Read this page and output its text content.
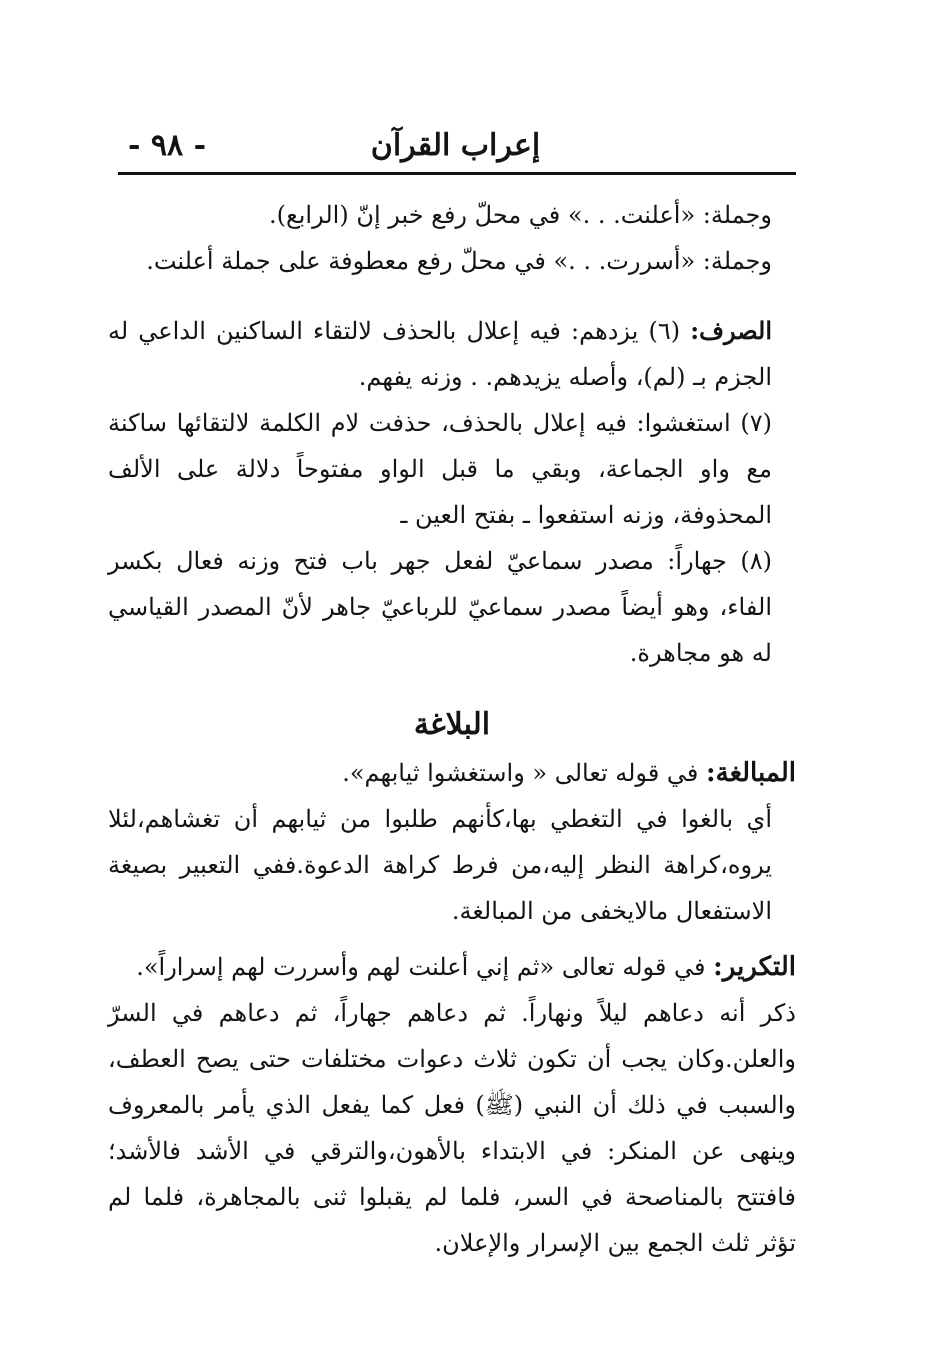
- ٩٨ -	إعراب القرآن

وجملة: «أعلنت. . .» في محلّ رفع خبر إنّ (الرابع).

وجملة: «أسررت. . .» في محلّ رفع معطوفة على جملة أعلنت.

الصرف: (٦) يزدهم: فيه إعلال بالحذف لالتقاء الساكنين الداعي له الجزم بـ (لم)، وأصله يزيدهم. . وزنه يفهم.

(٧) استغشوا: فيه إعلال بالحذف، حذفت لام الكلمة لالتقائها ساكنة مع واو الجماعة، وبقي ما قبل الواو مفتوحاً دلالة على الألف المحذوفة، وزنه استفعوا ـ بفتح العين ـ

(٨) جهاراً: مصدر سماعيّ لفعل جهر باب فتح وزنه فعال بكسر الفاء، وهو أيضاً مصدر سماعيّ للرباعيّ جاهر لأنّ المصدر القياسي له هو مجاهرة.

البلاغة

المبالغة: في قوله تعالى « واستغشوا ثيابهم».

أي بالغوا في التغطي بها،كأنهم طلبوا من ثيابهم أن تغشاهم،لئلا يروه،كراهة النظر إليه،من فرط كراهة الدعوة.ففي التعبير بصيغة الاستفعال مالايخفى من المبالغة.

التكرير: في قوله تعالى «ثم إني أعلنت لهم وأسررت لهم إسراراً».

ذكر أنه دعاهم ليلاً ونهاراً. ثم دعاهم جهاراً، ثم دعاهم في السرّ والعلن.وكان يجب أن تكون ثلاث دعوات مختلفات حتى يصح العطف، والسبب في ذلك أن النبي (ﷺ) فعل كما يفعل الذي يأمر بالمعروف وينهى عن المنكر: في الابتداء بالأهون،والترقي في الأشد فالأشد؛ فافتتح بالمناصحة في السر، فلما لم يقبلوا ثنى بالمجاهرة، فلما لم تؤثر ثلث الجمع بين الإسرار والإعلان.
